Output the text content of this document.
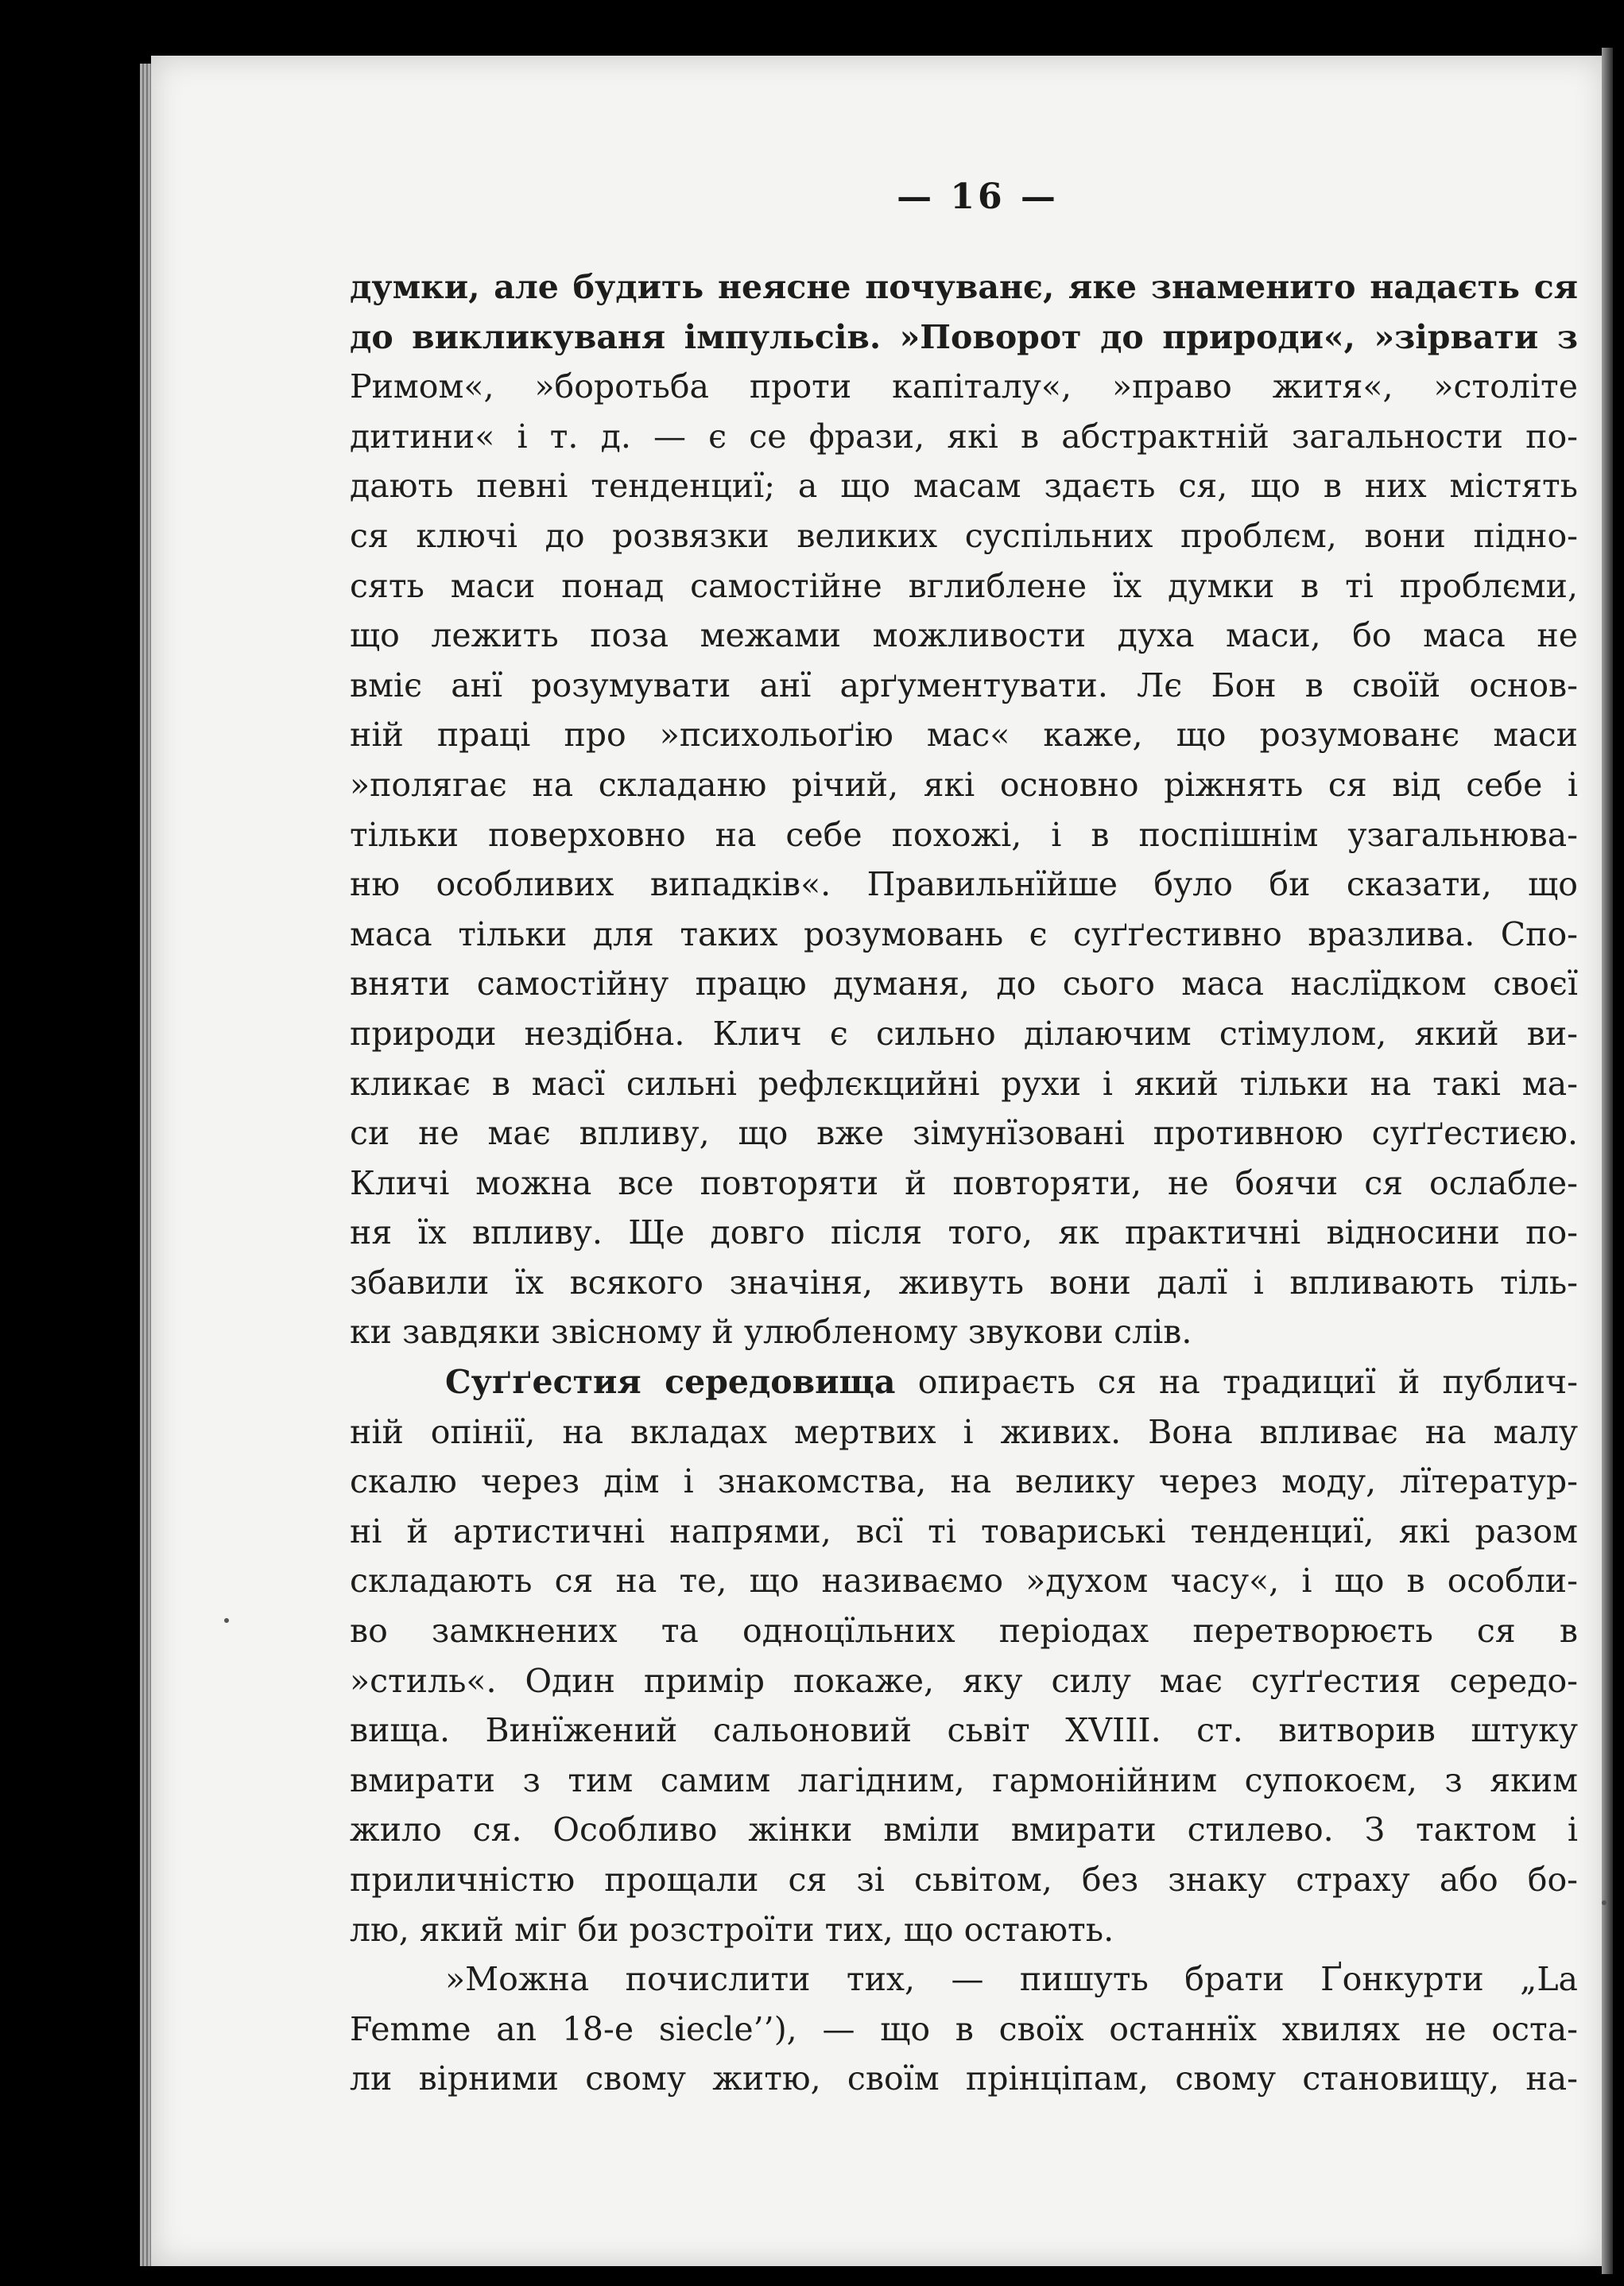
— 16 —
думки, але будить неясне почуванє, яке знаменито надаєть ся
до викликуваня імпульсів. »Поворот до природи«, »зірвати з
Римом«, »боротьба проти капіталу«, »право житя«, »століте
дитини« і т. д. — є се фрази, які в абстрактній загальности по-
дають певні тенденциї; а що масам здаєть ся, що в них містять
ся ключі до розвязки великих суспільних проблєм, вони підно-
сять маси понад самостійне вглиблене їх думки в ті проблєми,
що лежить поза межами можливости духа маси, бо маса не
вміє анї розумувати анї арґументувати. Лє Бон в своїй основ-
ній праці про »психольоґію мас« каже, що розумованє маси
»полягає на складаню річий, які основно ріжнять ся від себе і
тільки поверховно на себе похожі, і в поспішнім узагальнюва-
ню осoбливих випадків«. Правильнїйше було би сказати, що
маса тільки для таких розумовань є суґґестивно вразлива. Спо-
вняти самостійну працю думаня, до сього маса наслїдком своєї
природи нездібна. Клич є сильно ділаючим стімулом, який ви-
кликає в масї сильні рефлєкцийні рухи і який тільки на такі ма-
си не має впливу, що вже зімунїзовані противною суґґестиєю.
Кличі можна все повторяти й повторяти, не боячи ся ослабле-
ня їх впливу. Ще довго після того, як практичні відносини по-
збавили їх всякого значіня, живуть вони далї і впливають тіль-
ки завдяки звісному й улюбленому звукови слів.
Суґґестия середовища опираєть ся на традициї й публич-
ній опінії, на вкладах мертвих і живих. Вона впливає на малу
скалю через дім і знакомства, на велику через моду, лїтератур-
ні й артистичні напрями, всї ті товариські тенденциї, які разом
складають ся на те, що називаємо »духом часу«, і що в особли-
во замкнених та одноцїльних періодах перетворюєть ся в
»стиль«. Один примір покаже, яку силу має суґґестия середо-
вища. Винїжений сальоновий сьвіт XVIII. ст. витворив штуку
вмирати з тим самим лагідним, гармонійним супокоєм, з яким
жило ся. Особливо жінки вміли вмирати стилево. З тактом і
приличністю прощали ся зі сьвітом, без знаку страху або бо-
лю, який міг би розстроїти тих, що остають.
»Можна почислити тих, — пишуть брати Ґонкурти „La
Femme an 18-e siecle’’), — що в своїх останнїх хвилях не оста-
ли вірними свому житю, своїм прінціпам, свому становищу, на-
